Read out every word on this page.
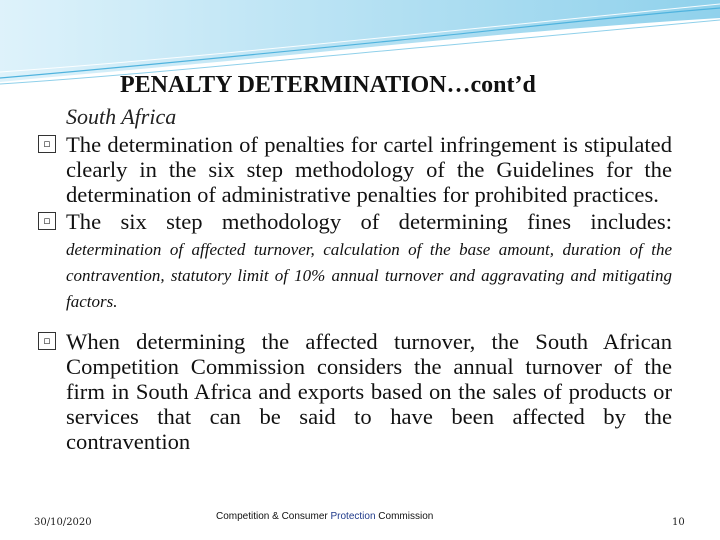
PENALTY DETERMINATION…cont’d
South Africa
▫ The determination of penalties for cartel infringement is stipulated clearly in the six step methodology of the Guidelines for the determination of administrative penalties for prohibited practices.

▫ The six step methodology of determining fines includes: determination of affected turnover, calculation of the base amount, duration of the contravention, statutory limit of 10% annual turnover and aggravating and mitigating factors.

▫ When determining the affected turnover, the South African Competition Commission considers the annual turnover of the firm in South Africa and exports based on the sales of products or services that can be said to have been affected by the contravention

30/10/2020
Competition & Consumer Protection Commission
10
